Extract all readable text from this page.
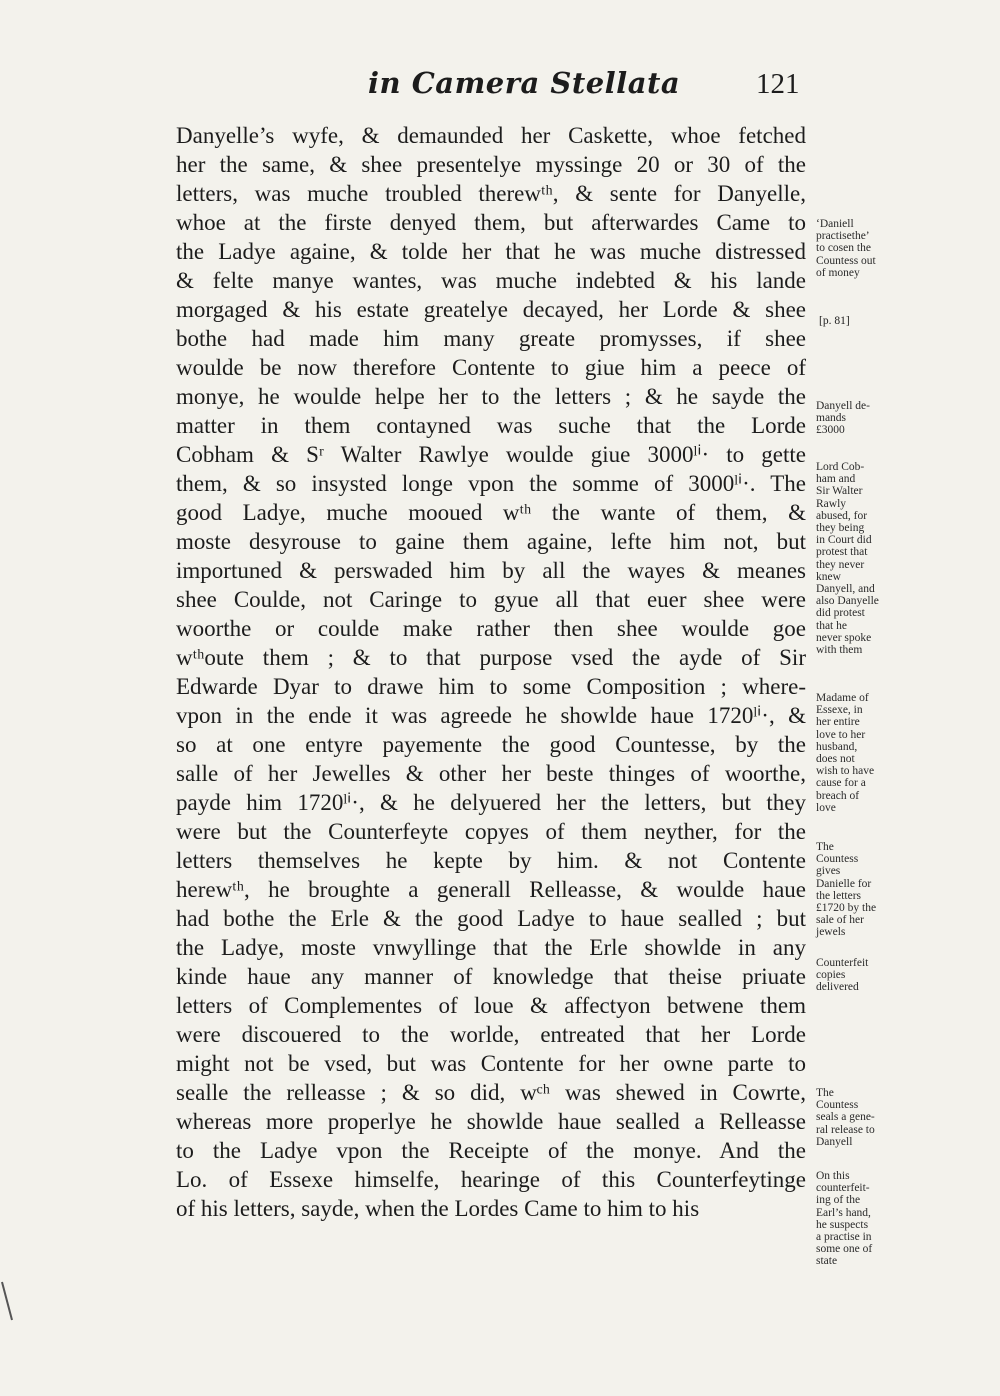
in Camera Stellata	121
Danyelle’s wyfe, & demaunded her Caskette, whoe fetched
her the same, & shee presentelye myssinge 20 or 30 of the
letters, was muche troubled therewᵗʰ, & sente for Danyelle,
whoe at the firste denyed them, but afterwardes Came to
the Ladye againe, & tolde her that he was muche distressed
& felte manye wantes, was muche indebted & his lande
morgaged & his estate greatelye decayed, her Lorde & shee
bothe had made him many greate promysses, if shee
woulde be now therefore Contente to giue him a peece of
monye, he woulde helpe her to the letters ; & he sayde the
matter in them contayned was suche that the Lorde
Cobham & Sʳ Walter Rawlye woulde giue 3000ˡⁱ· to gette
them, & so insysted longe vpon the somme of 3000ˡⁱ·. The
good Ladye, muche mooued wᵗʰ the wante of them, &
moste desyrouse to gaine them againe, lefte him not, but
importuned & perswaded him by all the wayes & meanes
shee Coulde, not Caringe to gyue all that euer shee were
woorthe or coulde make rather then shee woulde goe
wᵗʰoute them ; & to that purpose vsed the ayde of Sir
Edwarde Dyar to drawe him to some Composition ; where-
vpon in the ende it was agreede he showlde haue 1720ˡⁱ·, &
so at one entyre payemente the good Countesse, by the
salle of her Jewelles & other her beste thinges of woorthe,
payde him 1720ˡⁱ·, & he delyuered her the letters, but they
were but the Counterfeyte copyes of them neyther, for the
letters themselves he kepte by him. & not Contente
herewᵗʰ, he broughte a generall Relleasse, & woulde haue
had bothe the Erle & the good Ladye to haue sealled ; but
the Ladye, moste vnwyllinge that the Erle showlde in any
kinde haue any manner of knowledge that theise priuate
letters of Complementes of loue & affectyon betwene them
were discouered to the worlde, entreated that her Lorde
might not be vsed, but was Contente for her owne parte to
sealle the relleasse ; & so did, wᶜʰ was shewed in Cowrte,
whereas more properlye he showlde haue sealled a Relleasse
to the Ladye vpon the Receipte of the monye. And the
Lo. of Essexe himselfe, hearinge of this Counterfeytinge
of his letters, sayde, when the Lordes Came to him to his
‘Daniell
practisethe’
to cosen the
Countess out
of money
[p. 81]
Danyell de-
mands
£3000
Lord Cob-
ham and
Sir Walter
Rawly
abused, for
they being
in Court did
protest that
they never
knew
Danyell, and
also Danyelle
did protest
that he
never spoke
with them
Madame of
Essexe, in
her entire
love to her
husband,
does not
wish to have
cause for a
breach of
love
The
Countess
gives
Danielle for
the letters
£1720 by the
sale of her
jewels
Counterfeit
copies
delivered
The
Countess
seals a gene-
ral release to
Danyell
On this
counterfeit-
ing of the
Earl’s hand,
he suspects
a practise in
some one of
state
